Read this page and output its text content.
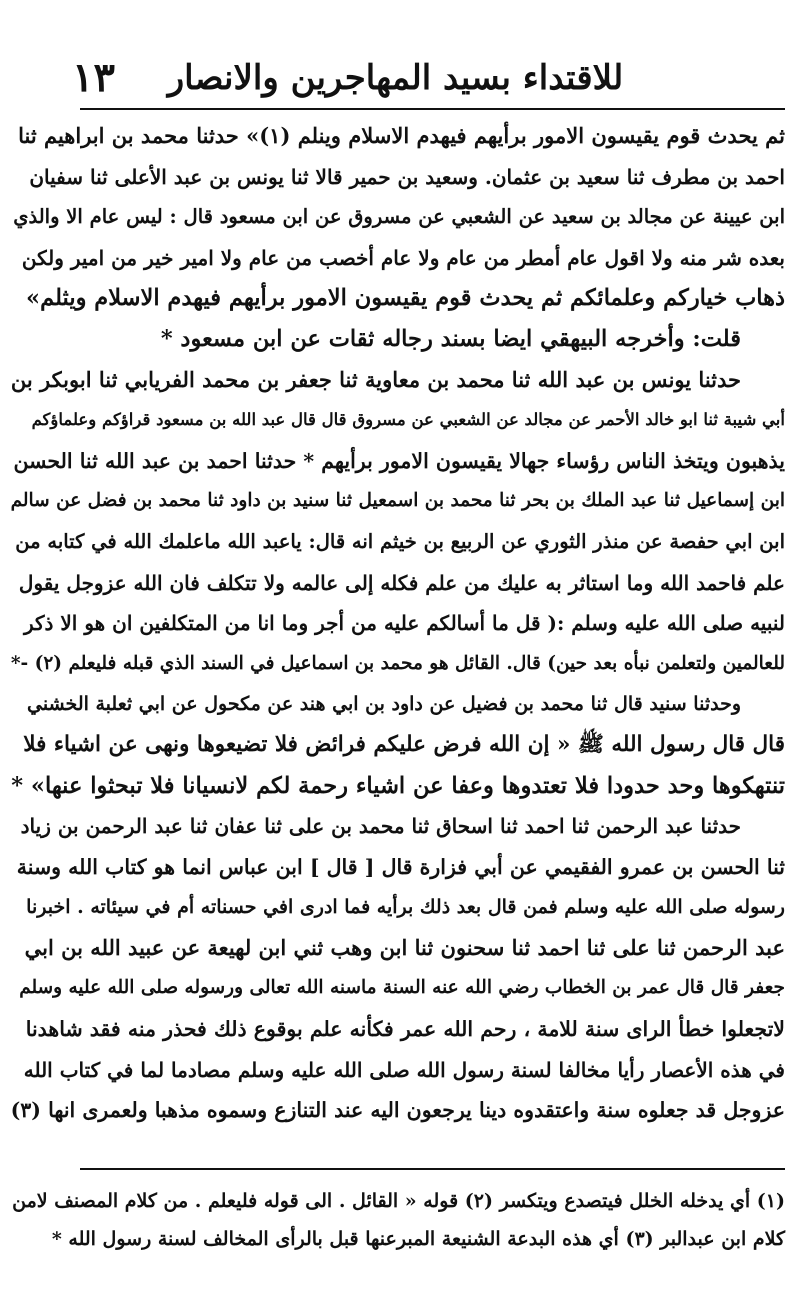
١٣ للاقتداء بسيد المهاجرين والانصار
ثم يحدث قوم يقيسون الامور برأيهم فيهدم الاسلام وينلم (١)» حدثنا محمد بن ابراهيم ثنا
احمد بن مطرف ثنا سعيد بن عثمان. وسعيد بن حمير قالا ثنا يونس بن عبد الأعلى ثنا سفيان
ابن عيينة عن مجالد بن سعيد عن الشعبي عن مسروق عن ابن مسعود قال : ليس عام الا والذي
بعده شر منه ولا اقول عام أمطر من عام ولا عام أخصب من عام ولا امير خير من امير ولكن
ذهاب خياركم وعلمائكم ثم يحدث قوم يقيسون الامور برأيهم فيهدم الاسلام ويثلم»
قلت: وأخرجه البيهقي ايضا بسند رجاله ثقات عن ابن مسعود *
حدثنا يونس بن عبد الله ثنا محمد بن معاوية ثنا جعفر بن محمد الفريابي ثنا ابوبكر بن
أبي شيبة ثنا ابو خالد الأحمر عن مجالد عن الشعبي عن مسروق قال قال عبد الله بن مسعود قراؤكم وعلماؤكم
يذهبون ويتخذ الناس رؤساء جهالا يقيسون الامور برأيهم * حدثنا احمد بن عبد الله ثنا الحسن
ابن إسماعيل ثنا عبد الملك بن بحر ثنا محمد بن اسمعيل ثنا سنيد بن داود ثنا محمد بن فضل عن سالم
ابن ابي حفصة عن منذر الثوري عن الربيع بن خيثم انه قال: ياعبد الله ماعلمك الله في كتابه من
علم فاحمد الله وما استاثر به عليك من علم فكله إلى عالمه ولا تتكلف فان الله عزوجل يقول
لنبيه صلى الله عليه وسلم :( قل ما أسالكم عليه من أجر وما انا من المتكلفين ان هو الا ذكر
للعالمين ولتعلمن نبأه بعد حين) قال. القائل هو محمد بن اسماعيل في السند الذي قبله فليعلم (٢) -*
وحدثنا سنيد قال ثنا محمد بن فضيل عن داود بن ابي هند عن مكحول عن ابي ثعلبة الخشني
قال قال رسول الله ﷺ « إن الله فرض عليكم فرائض فلا تضيعوها ونهى عن اشياء فلا
تنتهكوها وحد حدودا فلا تعتدوها وعفا عن اشياء رحمة لكم لانسيانا فلا تبحثوا عنها» *
حدثنا عبد الرحمن ثنا احمد ثنا اسحاق ثنا محمد بن على ثنا عفان ثنا عبد الرحمن بن زياد
ثنا الحسن بن عمرو الفقيمي عن أبي فزارة قال [ قال ] ابن عباس انما هو كتاب الله وسنة
رسوله صلى الله عليه وسلم فمن قال بعد ذلك برأيه فما ادرى افي حسناته أم في سيئاته . اخبرنا
عبد الرحمن ثنا على ثنا احمد ثنا سحنون ثنا ابن وهب ثني ابن لهيعة عن عبيد الله بن ابي
جعفر قال قال عمر بن الخطاب رضي الله عنه السنة ماسنه الله تعالى ورسوله صلى الله عليه وسلم
لاتجعلوا خطأ الراى سنة للامة ، رحم الله عمر فكأنه علم بوقوع ذلك فحذر منه فقد شاهدنا
في هذه الأعصار رأيا مخالفا لسنة رسول الله صلى الله عليه وسلم مصادما لما في كتاب الله
عزوجل قد جعلوه سنة واعتقدوه دينا يرجعون اليه عند التنازع وسموه مذهبا ولعمرى انها (٣)
(١) أي يدخله الخلل فيتصدع ويتكسر (٢) قوله « القائل . الى قوله فليعلم . من كلام المصنف لامن
كلام ابن عبدالبر (٣) أي هذه البدعة الشنيعة المبرعنها قبل بالرأى المخالف لسنة رسول الله *
